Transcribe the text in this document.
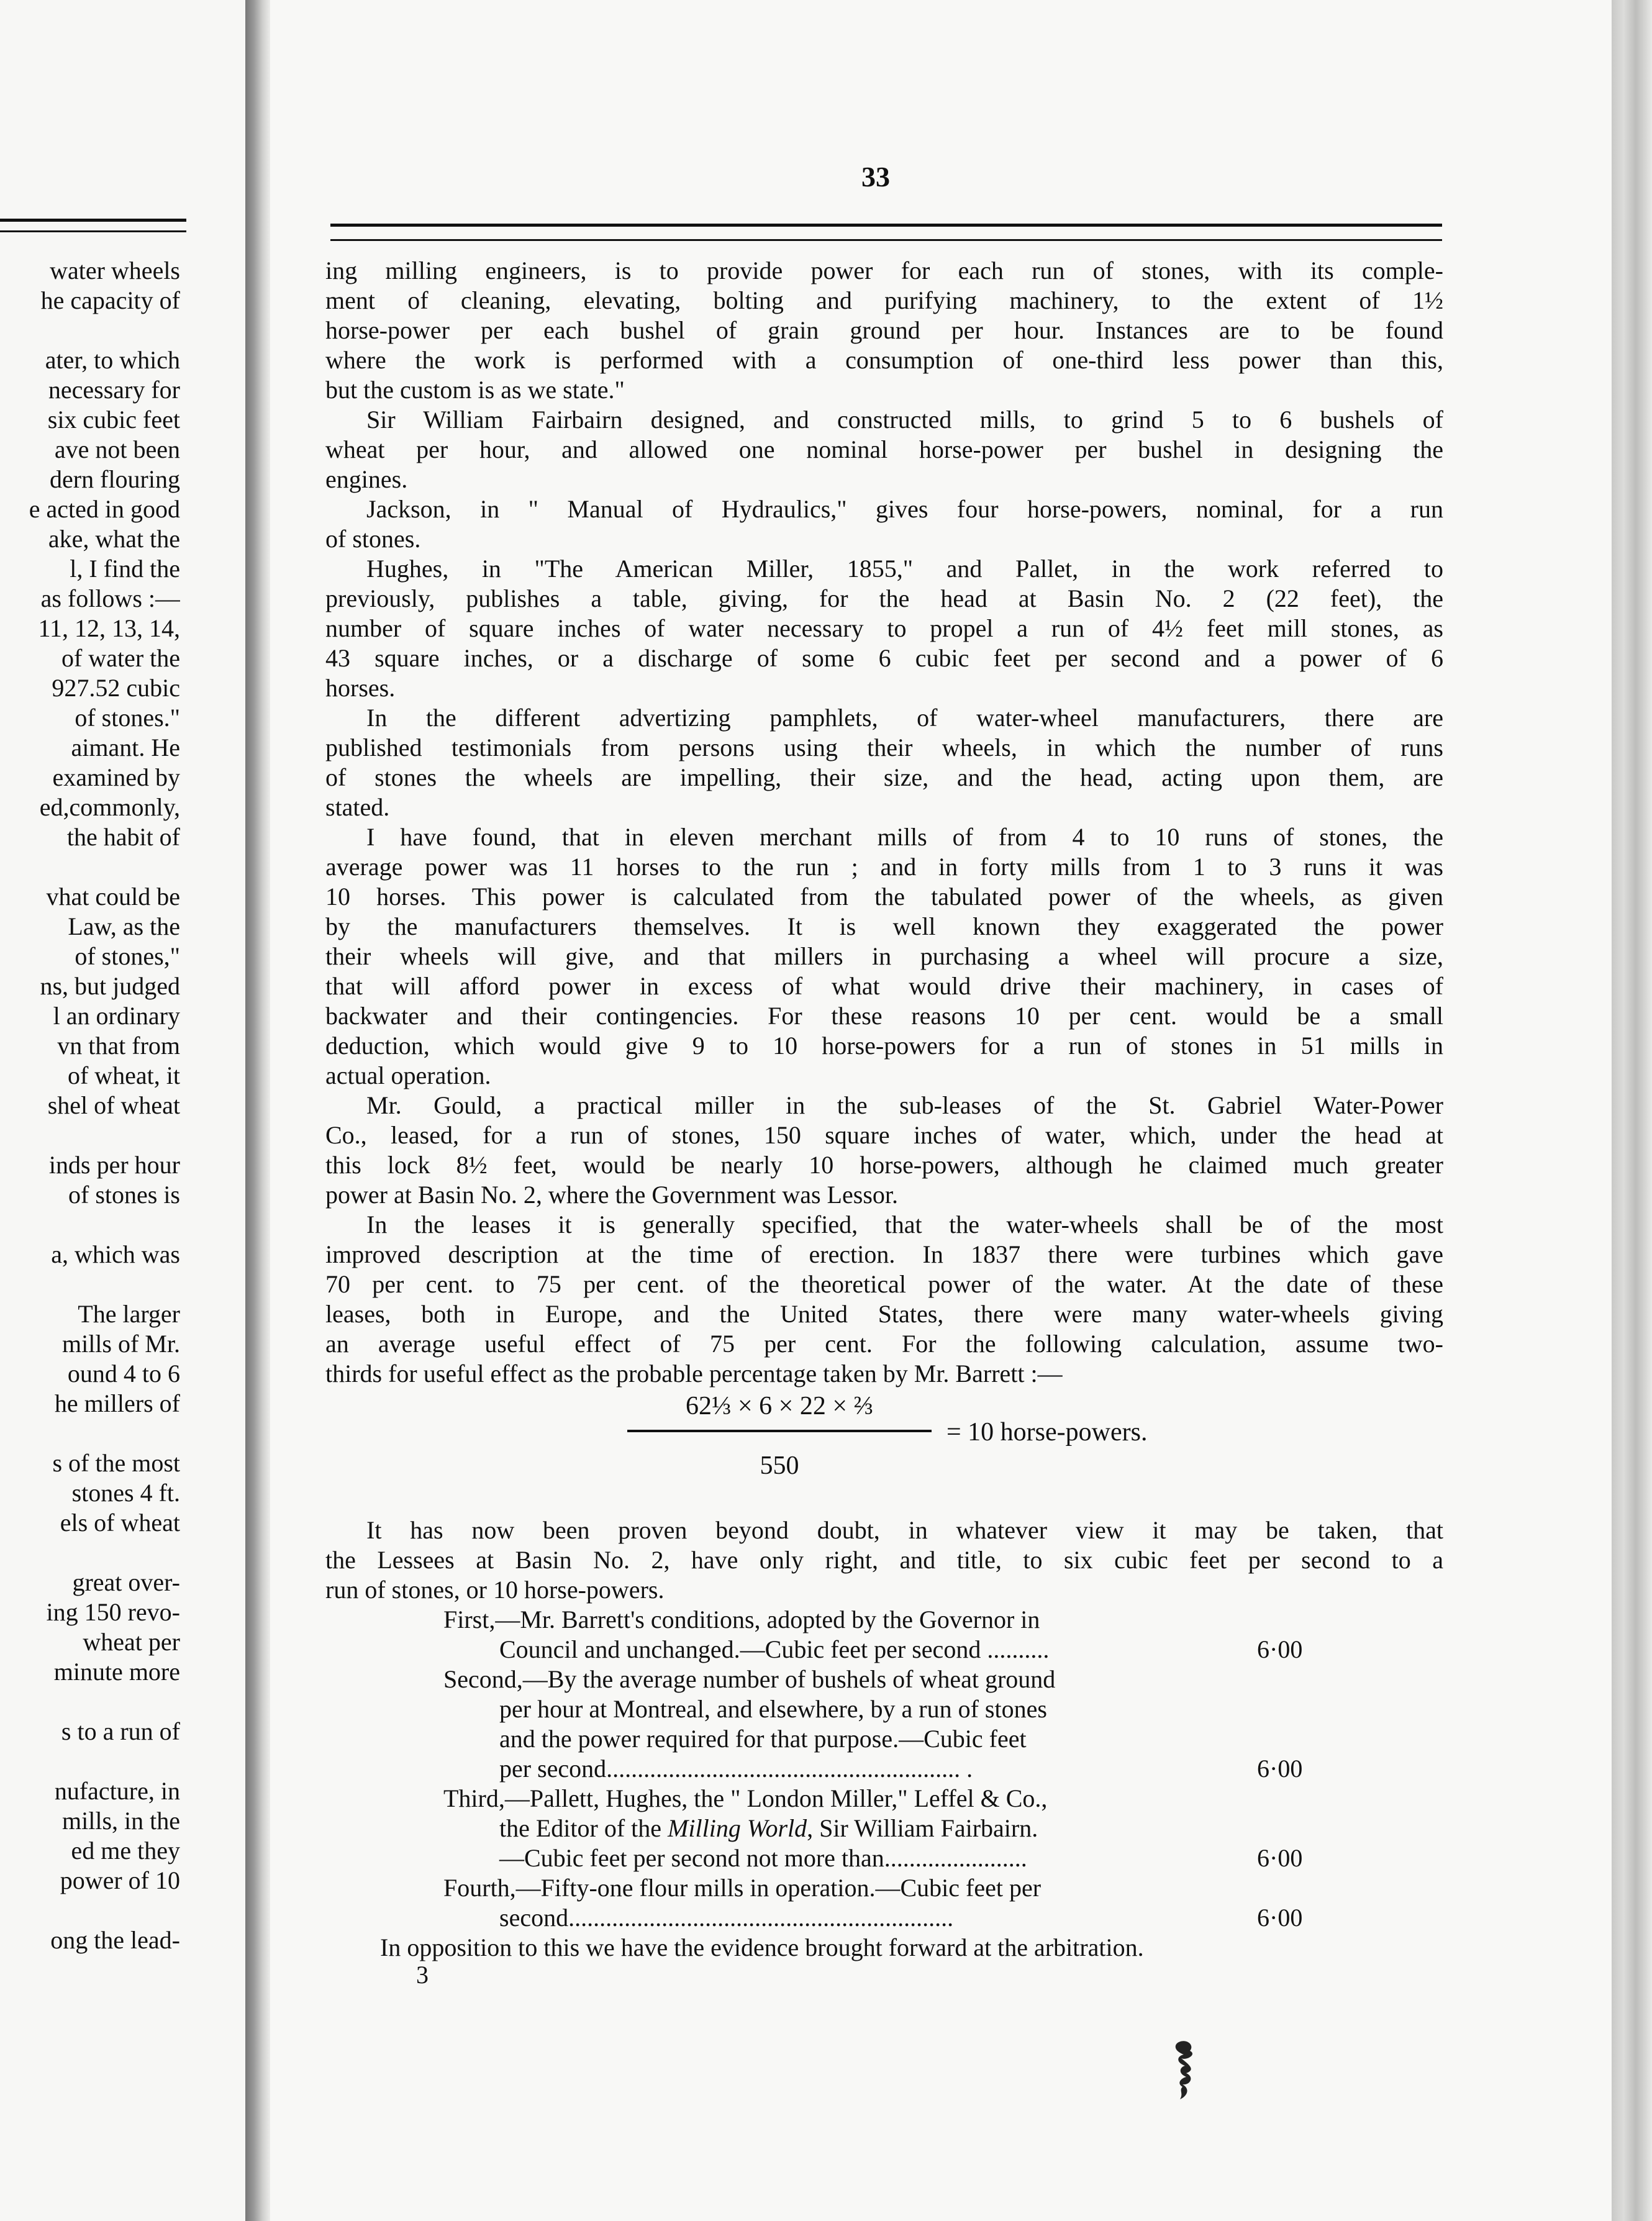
water wheels
he capacity of
ater, to which
necessary for
six cubic feet
ave not been
dern flouring
e acted in good
ake, what the
l, I find the
as follows :—
11, 12, 13, 14,
of water the
927.52 cubic
of stones."
aimant. He
examined by
ed,commonly,
the habit of
vhat could be
Law, as the
of stones,"
ns, but judged
l an ordinary
vn that from
of wheat, it
shel of wheat
inds per hour
of stones is
a, which was
The larger
mills of Mr.
ound 4 to 6
he millers of
s of the most
stones 4 ft.
els of wheat
great over-
ing 150 revo-
wheat per
minute more
s to a run of
nufacture, in
mills, in the
ed me they
power of 10
ong the lead-
33
ing milling engineers, is to provide power for each run of stones, with its comple-
ment of cleaning, elevating, bolting and purifying machinery, to the extent of 1½
horse-power per each bushel of grain ground per hour. Instances are to be found
where the work is performed with a consumption of one-third less power than this,
but the custom is as we state."
Sir William Fairbairn designed, and constructed mills, to grind 5 to 6 bushels of
wheat per hour, and allowed one nominal horse-power per bushel in designing the
engines.
Jackson, in " Manual of Hydraulics," gives four horse-powers, nominal, for a run
of stones.
Hughes, in "The American Miller, 1855," and Pallet, in the work referred to
previously, publishes a table, giving, for the head at Basin No. 2 (22 feet), the
number of square inches of water necessary to propel a run of 4½ feet mill stones, as
43 square inches, or a discharge of some 6 cubic feet per second and a power of 6
horses.
In the different advertizing pamphlets, of water-wheel manufacturers, there are
published testimonials from persons using their wheels, in which the number of runs
of stones the wheels are impelling, their size, and the head, acting upon them, are
stated.
I have found, that in eleven merchant mills of from 4 to 10 runs of stones, the
average power was 11 horses to the run ; and in forty mills from 1 to 3 runs it was
10 horses. This power is calculated from the tabulated power of the wheels, as given
by the manufacturers themselves. It is well known they exaggerated the power
their wheels will give, and that millers in purchasing a wheel will procure a size,
that will afford power in excess of what would drive their machinery, in cases of
backwater and their contingencies. For these reasons 10 per cent. would be a small
deduction, which would give 9 to 10 horse-powers for a run of stones in 51 mills in
actual operation.
Mr. Gould, a practical miller in the sub-leases of the St. Gabriel Water-Power
Co., leased, for a run of stones, 150 square inches of water, which, under the head at
this lock 8½ feet, would be nearly 10 horse-powers, although he claimed much greater
power at Basin No. 2, where the Government was Lessor.
In the leases it is generally specified, that the water-wheels shall be of the most
improved description at the time of erection. In 1837 there were turbines which gave
70 per cent. to 75 per cent. of the theoretical power of the water. At the date of these
leases, both in Europe, and the United States, there were many water-wheels giving
an average useful effect of 75 per cent. For the following calculation, assume two-
thirds for useful effect as the probable percentage taken by Mr. Barrett :—
62⅓ × 6 × 22 × ⅔
550
= 10 horse-powers.
It has now been proven beyond doubt, in whatever view it may be taken, that
the Lessees at Basin No. 2, have only right, and title, to six cubic feet per second to a
run of stones, or 10 horse-powers.
First,—Mr. Barrett's conditions, adopted by the Governor in
Council and unchanged.—Cubic feet per second ..........	6·00
Second,—By the average number of bushels of wheat ground
per hour at Montreal, and elsewhere, by a run of stones
and the power required for that purpose.—Cubic feet
per second......................................................... .	6·00
Third,—Pallett, Hughes, the " London Miller," Leffel & Co.,
the Editor of the Milling World, Sir William Fairbairn.
—Cubic feet per second not more than.......................	6·00
Fourth,—Fifty-one flour mills in operation.—Cubic feet per
second..............................................................	6·00
In opposition to this we have the evidence brought forward at the arbitration.
3
